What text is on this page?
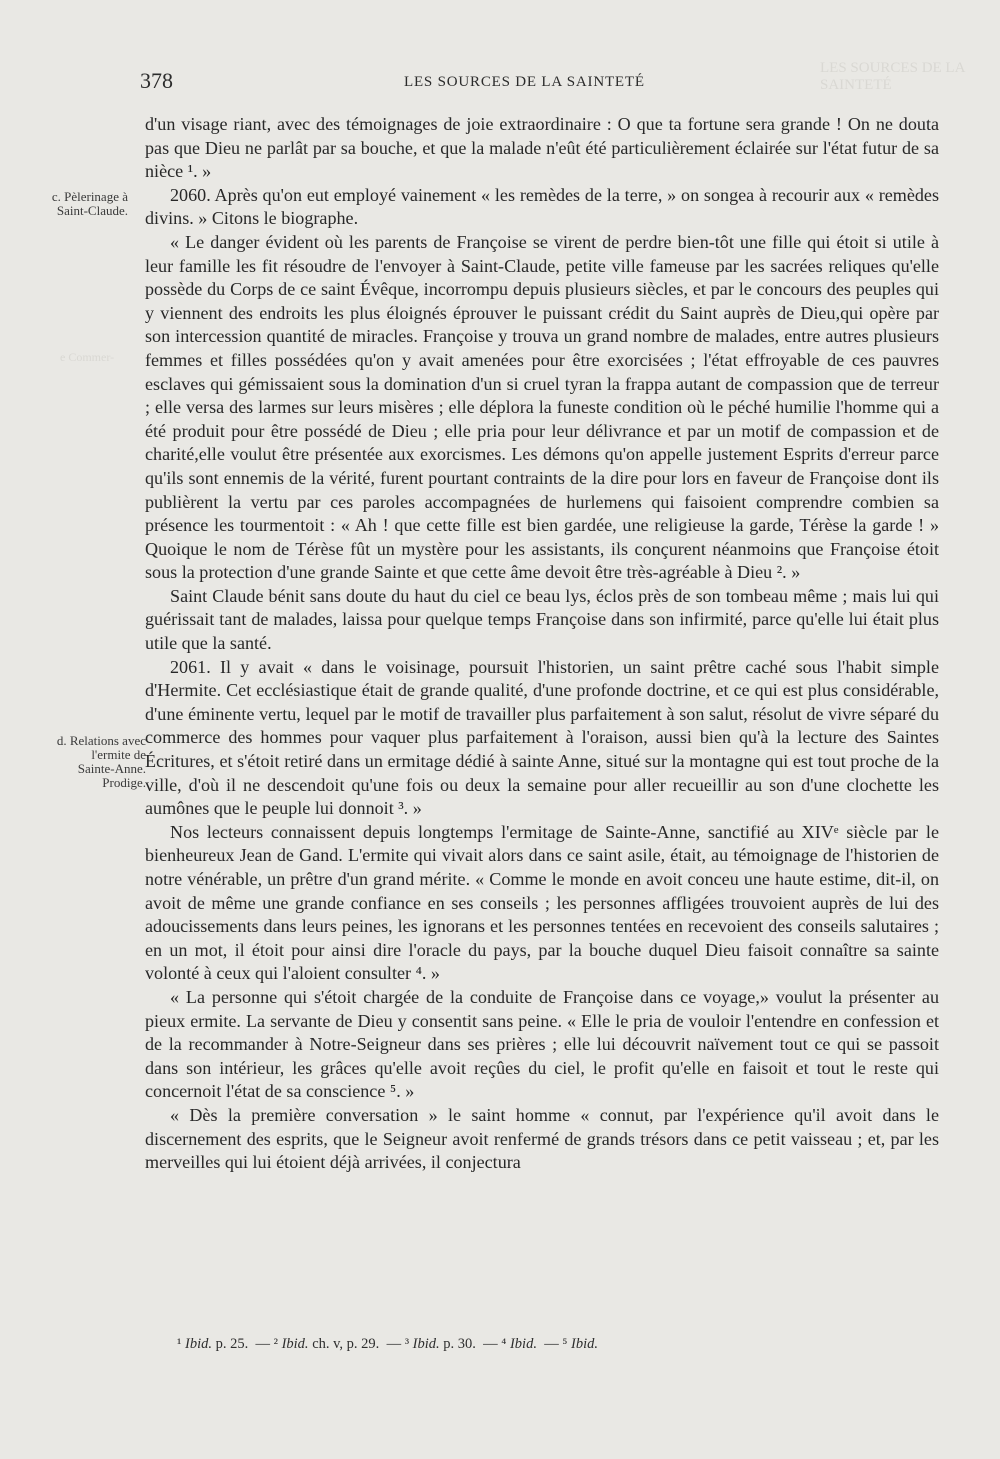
LES SOURCES DE LA SAINTETÉ
e Commer-
378	LES SOURCES DE LA SAINTETÉ
c. Pèlerinage à Saint-Claude.
d. Relations avec l'ermite de Sainte-Anne. Prodige.

d'un visage riant, avec des témoignages de joie extraordinaire : O que ta fortune sera grande ! On ne douta pas que Dieu ne parlât par sa bouche, et que la malade n'eût été particulièrement éclairée sur l'état futur de sa nièce ¹. »

2060. Après qu'on eut employé vainement « les remèdes de la terre, » on songea à recourir aux « remèdes divins. » Citons le biographe.

« Le danger évident où les parents de Françoise se virent de perdre bien-tôt une fille qui étoit si utile à leur famille les fit résoudre de l'envoyer à Saint-Claude, petite ville fameuse par les sacrées reliques qu'elle possède du Corps de ce saint Évêque, incorrompu depuis plusieurs siècles, et par le concours des peuples qui y viennent des endroits les plus éloignés éprouver le puissant crédit du Saint auprès de Dieu,qui opère par son intercession quantité de miracles. Françoise y trouva un grand nombre de malades, entre autres plusieurs femmes et filles possédées qu'on y avait amenées pour être exorcisées ; l'état effroyable de ces pauvres esclaves qui gémissaient sous la domination d'un si cruel tyran la frappa autant de compassion que de terreur ; elle versa des larmes sur leurs misères ; elle déplora la funeste condition où le péché humilie l'homme qui a été produit pour être possédé de Dieu ; elle pria pour leur délivrance et par un motif de compassion et de charité,elle voulut être présentée aux exorcismes. Les démons qu'on appelle justement Esprits d'erreur parce qu'ils sont ennemis de la vérité, furent pourtant contraints de la dire pour lors en faveur de Françoise dont ils publièrent la vertu par ces paroles accompagnées de hurlemens qui faisoient comprendre combien sa présence les tourmentoit : « Ah ! que cette fille est bien gardée, une religieuse la garde, Térèse la garde ! » Quoique le nom de Térèse fût un mystère pour les assistants, ils conçurent néanmoins que Françoise étoit sous la protection d'une grande Sainte et que cette âme devoit être très-agréable à Dieu ². »

Saint Claude bénit sans doute du haut du ciel ce beau lys, éclos près de son tombeau même ; mais lui qui guérissait tant de malades, laissa pour quelque temps Françoise dans son infirmité, parce qu'elle lui était plus utile que la santé.

2061. Il y avait « dans le voisinage, poursuit l'historien, un saint prêtre caché sous l'habit simple d'Hermite. Cet ecclésiastique était de grande qualité, d'une profonde doctrine, et ce qui est plus considérable, d'une éminente vertu, lequel par le motif de travailler plus parfaitement à son salut, résolut de vivre séparé du commerce des hommes pour vaquer plus parfaitement à l'oraison, aussi bien qu'à la lecture des Saintes Écritures, et s'étoit retiré dans un ermitage dédié à sainte Anne, situé sur la montagne qui est tout proche de la ville, d'où il ne descendoit qu'une fois ou deux la semaine pour aller recueillir au son d'une clochette les aumônes que le peuple lui donnoit ³. »

Nos lecteurs connaissent depuis longtemps l'ermitage de Sainte-Anne, sanctifié au XIVᵉ siècle par le bienheureux Jean de Gand. L'ermite qui vivait alors dans ce saint asile, était, au témoignage de l'historien de notre vénérable, un prêtre d'un grand mérite. « Comme le monde en avoit conceu une haute estime, dit-il, on avoit de même une grande confiance en ses conseils ; les personnes affligées trouvoient auprès de lui des adoucissements dans leurs peines, les ignorans et les personnes tentées en recevoient des conseils salutaires ; en un mot, il étoit pour ainsi dire l'oracle du pays, par la bouche duquel Dieu faisoit connaître sa sainte volonté à ceux qui l'aloient consulter ⁴. »

« La personne qui s'étoit chargée de la conduite de Françoise dans ce voyage,» voulut la présenter au pieux ermite. La servante de Dieu y consentit sans peine. « Elle le pria de vouloir l'entendre en confession et de la recommander à Notre-Seigneur dans ses prières ; elle lui découvrit naïvement tout ce qui se passoit dans son intérieur, les grâces qu'elle avoit reçûes du ciel, le profit qu'elle en faisoit et tout le reste qui concernoit l'état de sa conscience ⁵. »

« Dès la première conversation » le saint homme « connut, par l'expérience qu'il avoit dans le discernement des esprits, que le Seigneur avoit renfermé de grands trésors dans ce petit vaisseau ; et, par les merveilles qui lui étoient déjà arrivées, il conjectura

¹ Ibid. p. 25.  — ² Ibid. ch. v, p. 29.  — ³ Ibid. p. 30.  — ⁴ Ibid.  — ⁵ Ibid.
